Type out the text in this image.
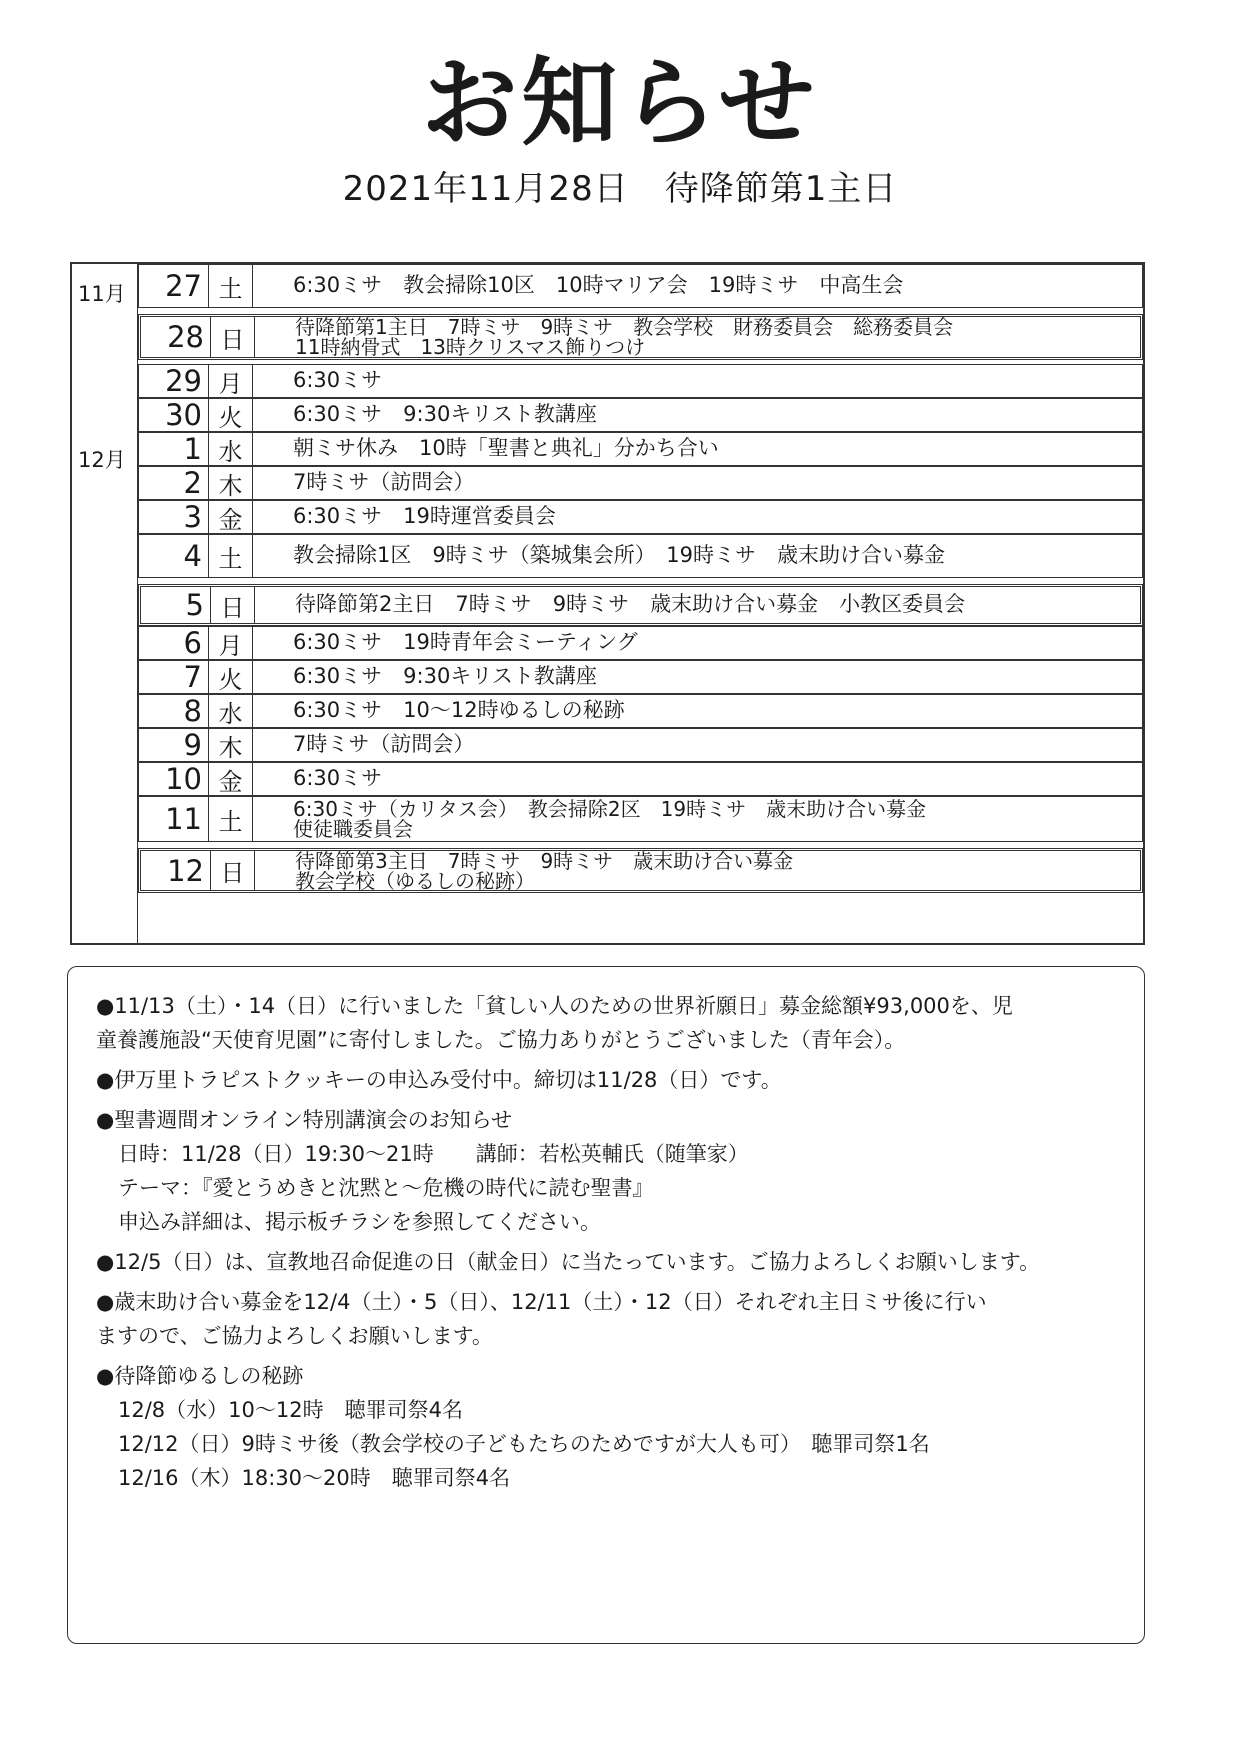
お知らせ
2021年11月28日 待降節第1主日
11月
12月
27 土	6:30ミサ　教会掃除10区　10時マリア会　19時ミサ　中高生会
28 日	待降節第1主日　7時ミサ　9時ミサ　教会学校　財務委員会　総務委員会
11時納骨式　13時クリスマス飾りつけ
29 月	6:30ミサ
30 火	6:30ミサ　9:30キリスト教講座
1 水	朝ミサ休み　10時「聖書と典礼」分かち合い
2 木	7時ミサ（訪問会）
3 金	6:30ミサ　19時運営委員会
4 土	教会掃除1区　9時ミサ（築城集会所）　19時ミサ　歳末助け合い募金
5 日	待降節第2主日　7時ミサ　9時ミサ　歳末助け合い募金　小教区委員会
6 月	6:30ミサ　19時青年会ミーティング
7 火	6:30ミサ　9:30キリスト教講座
8 水	6:30ミサ　10～12時ゆるしの秘跡
9 木	7時ミサ（訪問会）
10 金	6:30ミサ
11 土	6:30ミサ（カリタス会）　教会掃除2区　19時ミサ　歳末助け合い募金
使徒職委員会
12 日	待降節第3主日　7時ミサ　9時ミサ　歳末助け合い募金
教会学校（ゆるしの秘跡）

●11/13（土）・14（日）に行いました「貧しい人のための世界祈願日」募金総額¥93,000を、児

童養護施設“天使育児園”に寄付しました。ご協力ありがとうございました（青年会）。

●伊万里トラピストクッキーの申込み受付中。締切は11/28（日）です。

●聖書週間オンライン特別講演会のお知らせ

日時：11/28（日）19:30～21時　　講師：若松英輔氏（随筆家）

テーマ：『愛とうめきと沈黙と～危機の時代に読む聖書』

申込み詳細は、掲示板チラシを参照してください。

●12/5（日）は、宣教地召命促進の日（献金日）に当たっています。ご協力よろしくお願いします。

●歳末助け合い募金を12/4（土）・5（日）、12/11（土）・12（日）それぞれ主日ミサ後に行い

ますので、ご協力よろしくお願いします。

●待降節ゆるしの秘跡

12/8（水）10～12時　聴罪司祭4名

12/12（日）9時ミサ後（教会学校の子どもたちのためですが大人も可）　聴罪司祭1名

12/16（木）18:30～20時　聴罪司祭4名
